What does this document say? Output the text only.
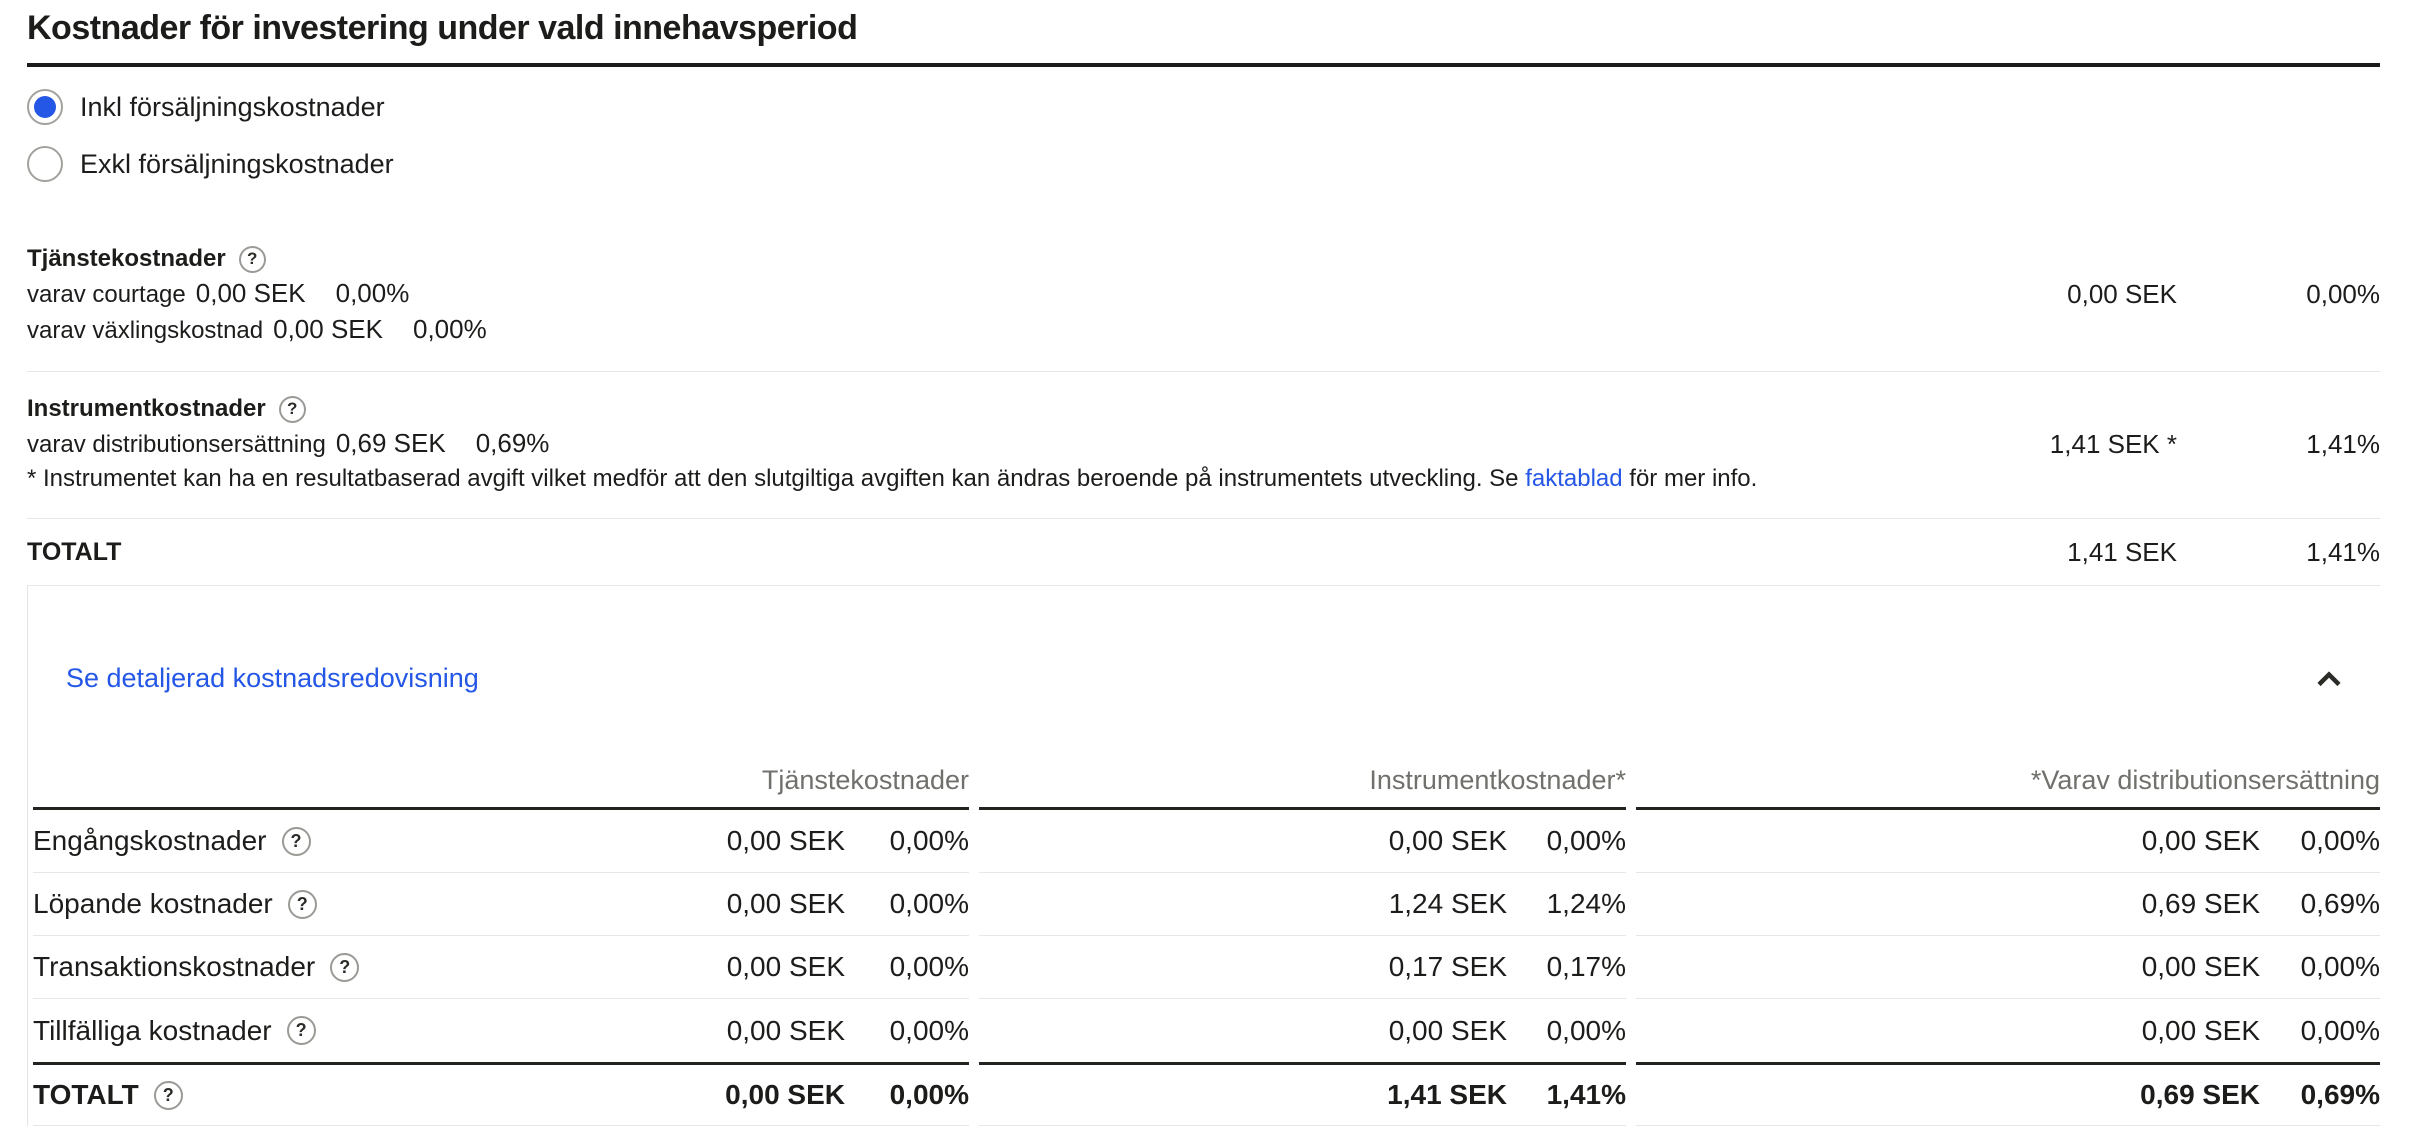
Kostnader för investering under vald innehavsperiod
Inkl försäljningskostnader
Exkl försäljningskostnader
Tjänstekostnader	?
varav courtage 0,00 SEK 0,00%
varav växlingskostnad 0,00 SEK 0,00%
0,00 SEK	0,00%
Instrumentkostnader	?
varav distributionsersättning 0,69 SEK 0,69%
* Instrumentet kan ha en resultatbaserad avgift vilket medför att den slutgiltiga avgiften kan ändras beroende på instrumentets utveckling. Se faktablad för mer info.
1,41 SEK *	1,41%
TOTALT	1,41 SEK	1,41%
Se detaljerad kostnadsredovisning
Tjänstekostnader	Instrumentkostnader*	*Varav distributionsersättning
Engångskostnader	?	0,00 SEK	0,00%	0,00 SEK	0,00%	0,00 SEK	0,00%
Löpande kostnader	?	0,00 SEK	0,00%	1,24 SEK	1,24%	0,69 SEK	0,69%
Transaktionskostnader	?	0,00 SEK	0,00%	0,17 SEK	0,17%	0,00 SEK	0,00%
Tillfälliga kostnader	?	0,00 SEK	0,00%	0,00 SEK	0,00%	0,00 SEK	0,00%
TOTALT	?	0,00 SEK	0,00%	1,41 SEK	1,41%	0,69 SEK	0,69%
